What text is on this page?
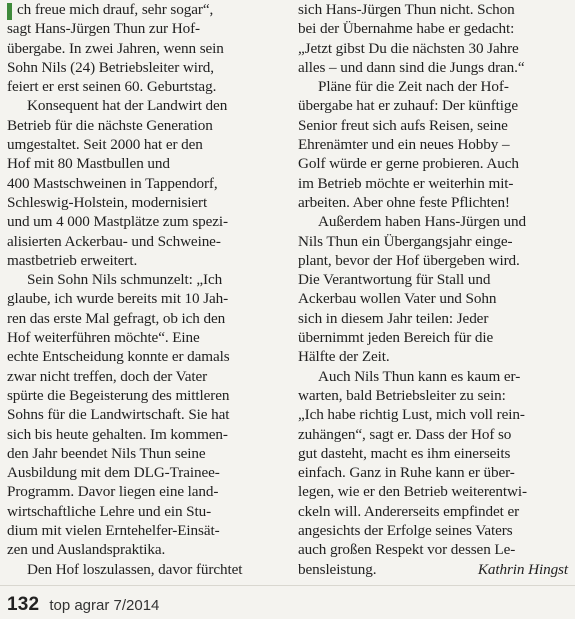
ch freue mich drauf, sehr sogar“,
sagt Hans-Jürgen Thun zur Hof-
übergabe. In zwei Jahren, wenn sein
Sohn Nils (24) Betriebsleiter wird,
feiert er erst seinen 60. Geburtstag.
Konsequent hat der Landwirt den
Betrieb für die nächste Generation
umgestaltet. Seit 2000 hat er den
Hof mit 80 Mastbullen und
400 Mastschweinen in Tappendorf,
Schleswig-Holstein, modernisiert
und um 4 000 Mastplätze zum spezi-
alisierten Ackerbau- und Schweine-
mastbetrieb erweitert.
Sein Sohn Nils schmunzelt: „Ich
glaube, ich wurde bereits mit 10 Jah-
ren das erste Mal gefragt, ob ich den
Hof weiterführen möchte“. Eine
echte Entscheidung konnte er damals
zwar nicht treffen, doch der Vater
spürte die Begeisterung des mittleren
Sohns für die Landwirtschaft. Sie hat
sich bis heute gehalten. Im kommen-
den Jahr beendet Nils Thun seine
Ausbildung mit dem DLG-Trainee-
Programm. Davor liegen eine land-
wirtschaftliche Lehre und ein Stu-
dium mit vielen Erntehelfer-Einsät-
zen und Auslandspraktika.
Den Hof loszulassen, davor fürchtet
sich Hans-Jürgen Thun nicht. Schon
bei der Übernahme habe er gedacht:
„Jetzt gibst Du die nächsten 30 Jahre
alles – und dann sind die Jungs dran.“
Pläne für die Zeit nach der Hof-
übergabe hat er zuhauf: Der künftige
Senior freut sich aufs Reisen, seine
Ehrenämter und ein neues Hobby –
Golf würde er gerne probieren. Auch
im Betrieb möchte er weiterhin mit-
arbeiten. Aber ohne feste Pflichten!
Außerdem haben Hans-Jürgen und
Nils Thun ein Übergangsjahr einge-
plant, bevor der Hof übergeben wird.
Die Verantwortung für Stall und
Ackerbau wollen Vater und Sohn
sich in diesem Jahr teilen: Jeder
übernimmt jeden Bereich für die
Hälfte der Zeit.
Auch Nils Thun kann es kaum er-
warten, bald Betriebsleiter zu sein:
„Ich habe richtig Lust, mich voll rein-
zuhängen“, sagt er. Dass der Hof so
gut dasteht, macht es ihm einerseits
einfach. Ganz in Ruhe kann er über-
legen, wie er den Betrieb weiterentwi-
ckeln will. Andererseits empfindet er
angesichts der Erfolge seines Vaters
auch großen Respekt vor dessen Le-
bensleistung.	Kathrin Hingst
132 top agrar 7/2014
